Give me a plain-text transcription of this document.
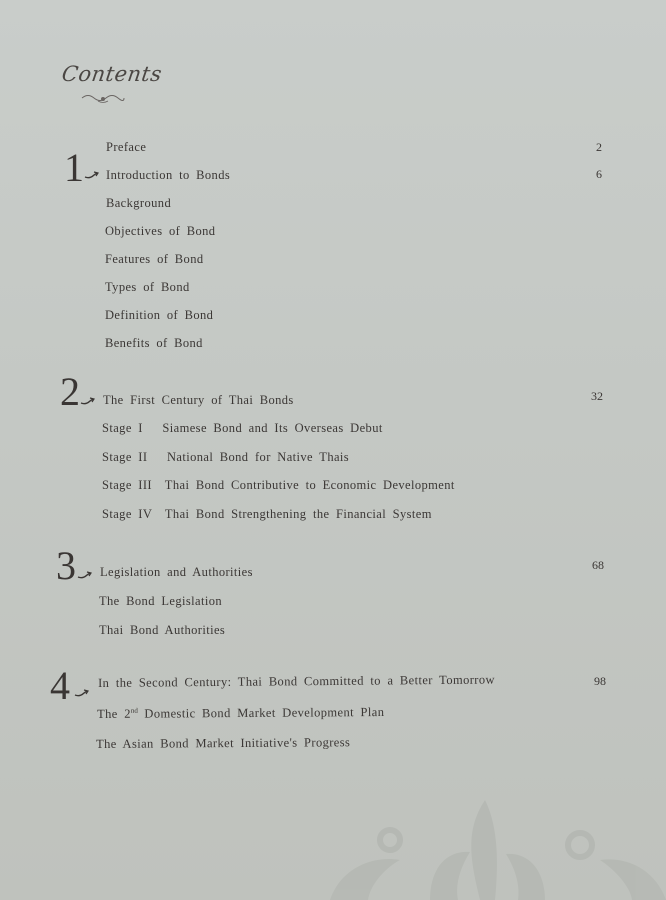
Contents
Preface	2
1 Introduction to Bonds	6
Background
Objectives of Bond
Features of Bond
Types of Bond
Definition of Bond
Benefits of Bond
2 The First Century of Thai Bonds	32
Stage I   Siamese Bond and Its Overseas Debut
Stage II   National Bond for Native Thais
Stage III  Thai Bond Contributive to Economic Development
Stage IV  Thai Bond Strengthening the Financial System
3 Legislation and Authorities	68
The Bond Legislation
Thai Bond Authorities
4 In the Second Century: Thai Bond Committed to a Better Tomorrow	98
The 2nd Domestic Bond Market Development Plan
The Asian Bond Market Initiative's Progress
